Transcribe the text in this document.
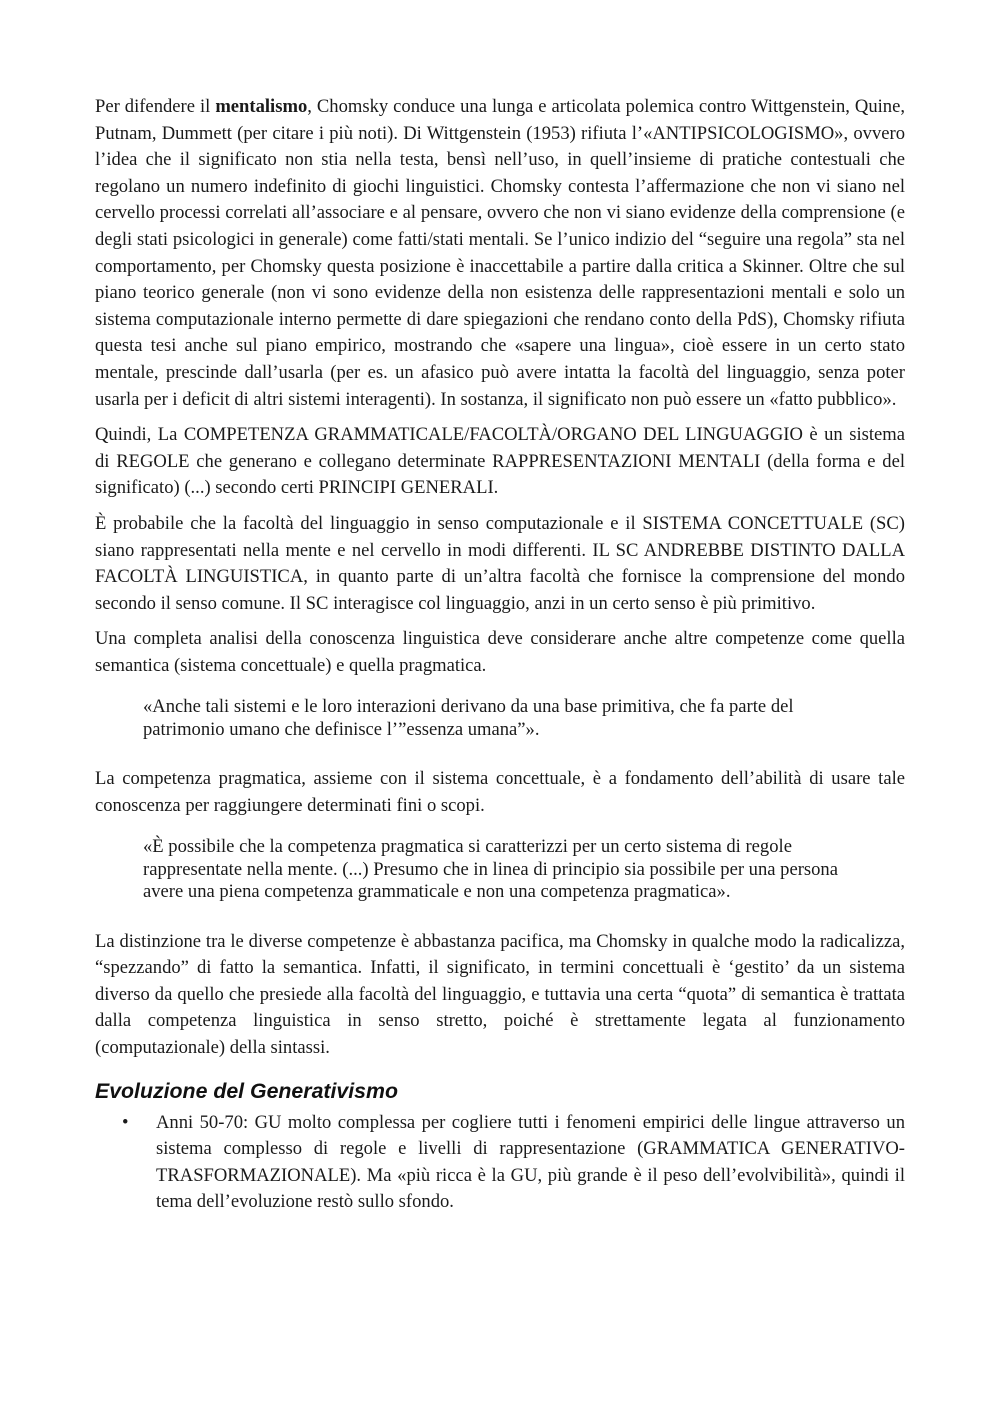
Per difendere il mentalismo, Chomsky conduce una lunga e articolata polemica contro Wittgenstein, Quine, Putnam, Dummett (per citare i più noti). Di Wittgenstein (1953) rifiuta l’«ANTIPSICOLOGISMO», ovvero l’idea che il significato non stia nella testa, bensì nell’uso, in quell’insieme di pratiche contestuali che regolano un numero indefinito di giochi linguistici. Chomsky contesta l’affermazione che non vi siano nel cervello processi correlati all’associare e al pensare, ovvero che non vi siano evidenze della comprensione (e degli stati psicologici in generale) come fatti/stati mentali. Se l’unico indizio del “seguire una regola” sta nel comportamento, per Chomsky questa posizione è inaccettabile a partire dalla critica a Skinner. Oltre che sul piano teorico generale (non vi sono evidenze della non esistenza delle rappresentazioni mentali e solo un sistema computazionale interno permette di dare spiegazioni che rendano conto della PdS), Chomsky rifiuta questa tesi anche sul piano empirico, mostrando che «sapere una lingua», cioè essere in un certo stato mentale, prescinde dall’usarla (per es. un afasico può avere intatta la facoltà del linguaggio, senza poter usarla per i deficit di altri sistemi interagenti). In sostanza, il significato non può essere un «fatto pubblico».

Quindi, La COMPETENZA GRAMMATICALE/FACOLTÀ/ORGANO DEL LINGUAGGIO è un sistema di REGOLE che generano e collegano determinate RAPPRESENTAZIONI MENTALI (della forma e del significato) (...) secondo certi PRINCIPI GENERALI.

È probabile che la facoltà del linguaggio in senso computazionale e il SISTEMA CONCETTUALE (SC) siano rappresentati nella mente e nel cervello in modi differenti. IL SC ANDREBBE DISTINTO DALLA FACOLTÀ LINGUISTICA, in quanto parte di un’altra facoltà che fornisce la comprensione del mondo secondo il senso comune. Il SC interagisce col linguaggio, anzi in un certo senso è più primitivo.

Una completa analisi della conoscenza linguistica deve considerare anche altre competenze come quella semantica (sistema concettuale) e quella pragmatica.

«Anche tali sistemi e le loro interazioni derivano da una base primitiva, che fa parte del patrimonio umano che definisce l’”essenza umana”».

La competenza pragmatica, assieme con il sistema concettuale, è a fondamento dell’abilità di usare tale conoscenza per raggiungere determinati fini o scopi.

«È possibile che la competenza pragmatica si caratterizzi per un certo sistema di regole rappresentate nella mente. (...) Presumo che in linea di principio sia possibile per una persona avere una piena competenza grammaticale e non una competenza pragmatica».

La distinzione tra le diverse competenze è abbastanza pacifica, ma Chomsky in qualche modo la radicalizza, “spezzando” di fatto la semantica. Infatti, il significato, in termini concettuali è ‘gestito’ da un sistema diverso da quello che presiede alla facoltà del linguaggio, e tuttavia una certa “quota” di semantica è trattata dalla competenza linguistica in senso stretto, poiché è strettamente legata al funzionamento (computazionale) della sintassi.

Evoluzione del Generativismo
• Anni 50-70: GU molto complessa per cogliere tutti i fenomeni empirici delle lingue attraverso un sistema complesso di regole e livelli di rappresentazione (GRAMMATICA GENERATIVO-TRASFORMAZIONALE). Ma «più ricca è la GU, più grande è il peso dell’evolvibilità», quindi il tema dell’evoluzione restò sullo sfondo.
